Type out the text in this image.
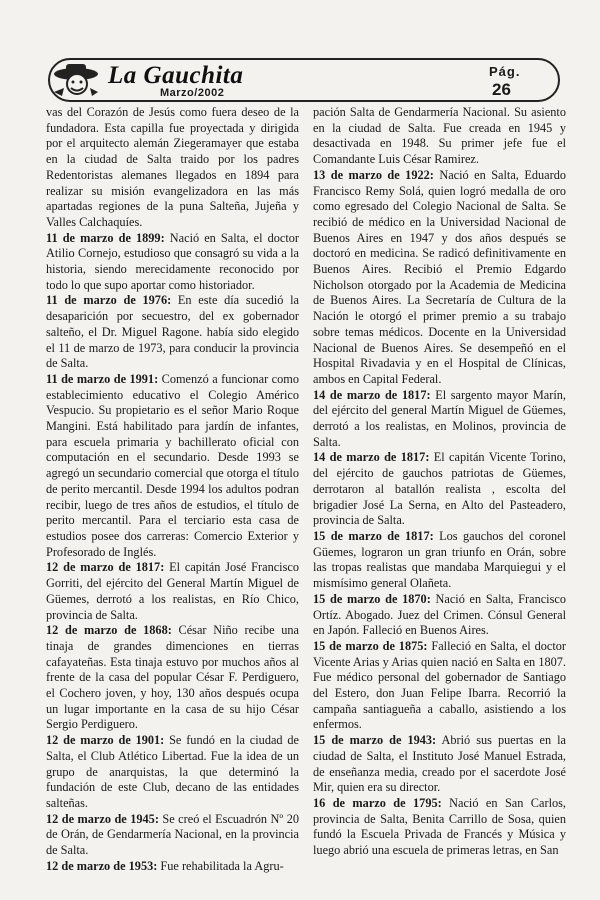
La Gauchita
Marzo/2002
Pág.
26

vas del Corazón de Jesús como fuera deseo de la fundadora. Esta capilla fue proyectada y dirigida por el arquitecto alemán Ziegeramayer que estaba en la ciudad de Salta traido por los padres Redentoristas alemanes llegados en 1894 para realizar su misión evangelizadora en las más apartadas regiones de la puna Salteña, Jujeña y Valles Calchaquíes.

11 de marzo de 1899: Nació en Salta, el doctor Atilio Cornejo, estudioso que consagró su vida a la historia, siendo merecidamente reconocido por todo lo que supo aportar como historiador.

11 de marzo de 1976: En este día sucedió la desaparición por secuestro, del ex gobernador salteño, el Dr. Miguel Ragone. había sido elegido el 11 de marzo de 1973, para conducir la provincia de Salta.

11 de marzo de 1991: Comenzó a funcionar como establecimiento educativo el Colegio Américo Vespucio. Su propietario es el señor Mario Roque Mangini. Está habilitado para jardín de infantes, para escuela primaria y bachillerato oficial con computación en el secundario. Desde 1993 se agregó un secundario comercial que otorga el título de perito mercantil. Desde 1994 los adultos podran recibir, luego de tres años de estudios, el título de perito mercantil. Para el terciario esta casa de estudios posee dos carreras: Comercio Exterior y Profesorado de Inglés.

12 de marzo de 1817: El capitán José Francisco Gorriti, del ejército del General Martín Miguel de Güemes, derrotó a los realistas, en Río Chico, provincia de Salta.

12 de marzo de 1868: César Niño recibe una tinaja de grandes dimenciones en tierras cafayateñas. Esta tinaja estuvo por muchos años al frente de la casa del popular César F. Perdiguero, el Cochero joven, y hoy, 130 años después ocupa un lugar importante en la casa de su hijo César Sergio Perdiguero.

12 de marzo de 1901: Se fundó en la ciudad de Salta, el Club Atlético Libertad. Fue la idea de un grupo de anarquistas, la que determinó la fundación de este Club, decano de las entidades salteñas.

12 de marzo de 1945: Se creó el Escuadrón Nº 20 de Orán, de Gendarmería Nacional, en la provincia de Salta.

12 de marzo de 1953: Fue rehabilitada la Agru-

pación Salta de Gendarmería Nacional. Su asiento en la ciudad de Salta. Fue creada en 1945 y desactivada en 1948. Su primer jefe fue el Comandante Luis César Ramirez.

13 de marzo de 1922: Nació en Salta, Eduardo Francisco Remy Solá, quien logró medalla de oro como egresado del Colegio Nacional de Salta. Se recibió de médico en la Universidad Nacional de Buenos Aires en 1947 y dos años después se doctoró en medicina. Se radicó definitivamente en Buenos Aires. Recibió el Premio Edgardo Nicholson otorgado por la Academia de Medicina de Buenos Aires. La Secretaría de Cultura de la Nación le otorgó el primer premio a su trabajo sobre temas médicos. Docente en la Universidad Nacional de Buenos Aires. Se desempeñó en el Hospital Rivadavia y en el Hospital de Clínicas, ambos en Capital Federal.

14 de marzo de 1817: El sargento mayor Marín, del ejército del general Martín Miguel de Güemes, derrotó a los realistas, en Molinos, provincia de Salta.

14 de marzo de 1817: El capitán Vicente Torino, del ejército de gauchos patriotas de Güemes, derrotaron al batallón realista , escolta del brigadier José La Serna, en Alto del Pasteadero, provincia de Salta.

15 de marzo de 1817: Los gauchos del coronel Güemes, lograron un gran triunfo en Orán, sobre las tropas realistas que mandaba Marquiegui y el mismísimo general Olañeta.

15 de marzo de 1870: Nació en Salta, Francisco Ortíz. Abogado. Juez del Crimen. Cónsul General en Japón. Falleció en Buenos Aires.

15 de marzo de 1875: Falleció en Salta, el doctor Vicente Arias y Arias quien nació en Salta en 1807. Fue médico personal del gobernador de Santiago del Estero, don Juan Felipe Ibarra. Recorrió la campaña santiagueña a caballo, asistiendo a los enfermos.

15 de marzo de 1943: Abrió sus puertas en la ciudad de Salta, el Instituto José Manuel Estrada, de enseñanza media, creado por el sacerdote José Mir, quien era su director.

16 de marzo de 1795: Nació en San Carlos, provincia de Salta, Benita Carrillo de Sosa, quien fundó la Escuela Privada de Francés y Música y luego abrió una escuela de primeras letras, en San
